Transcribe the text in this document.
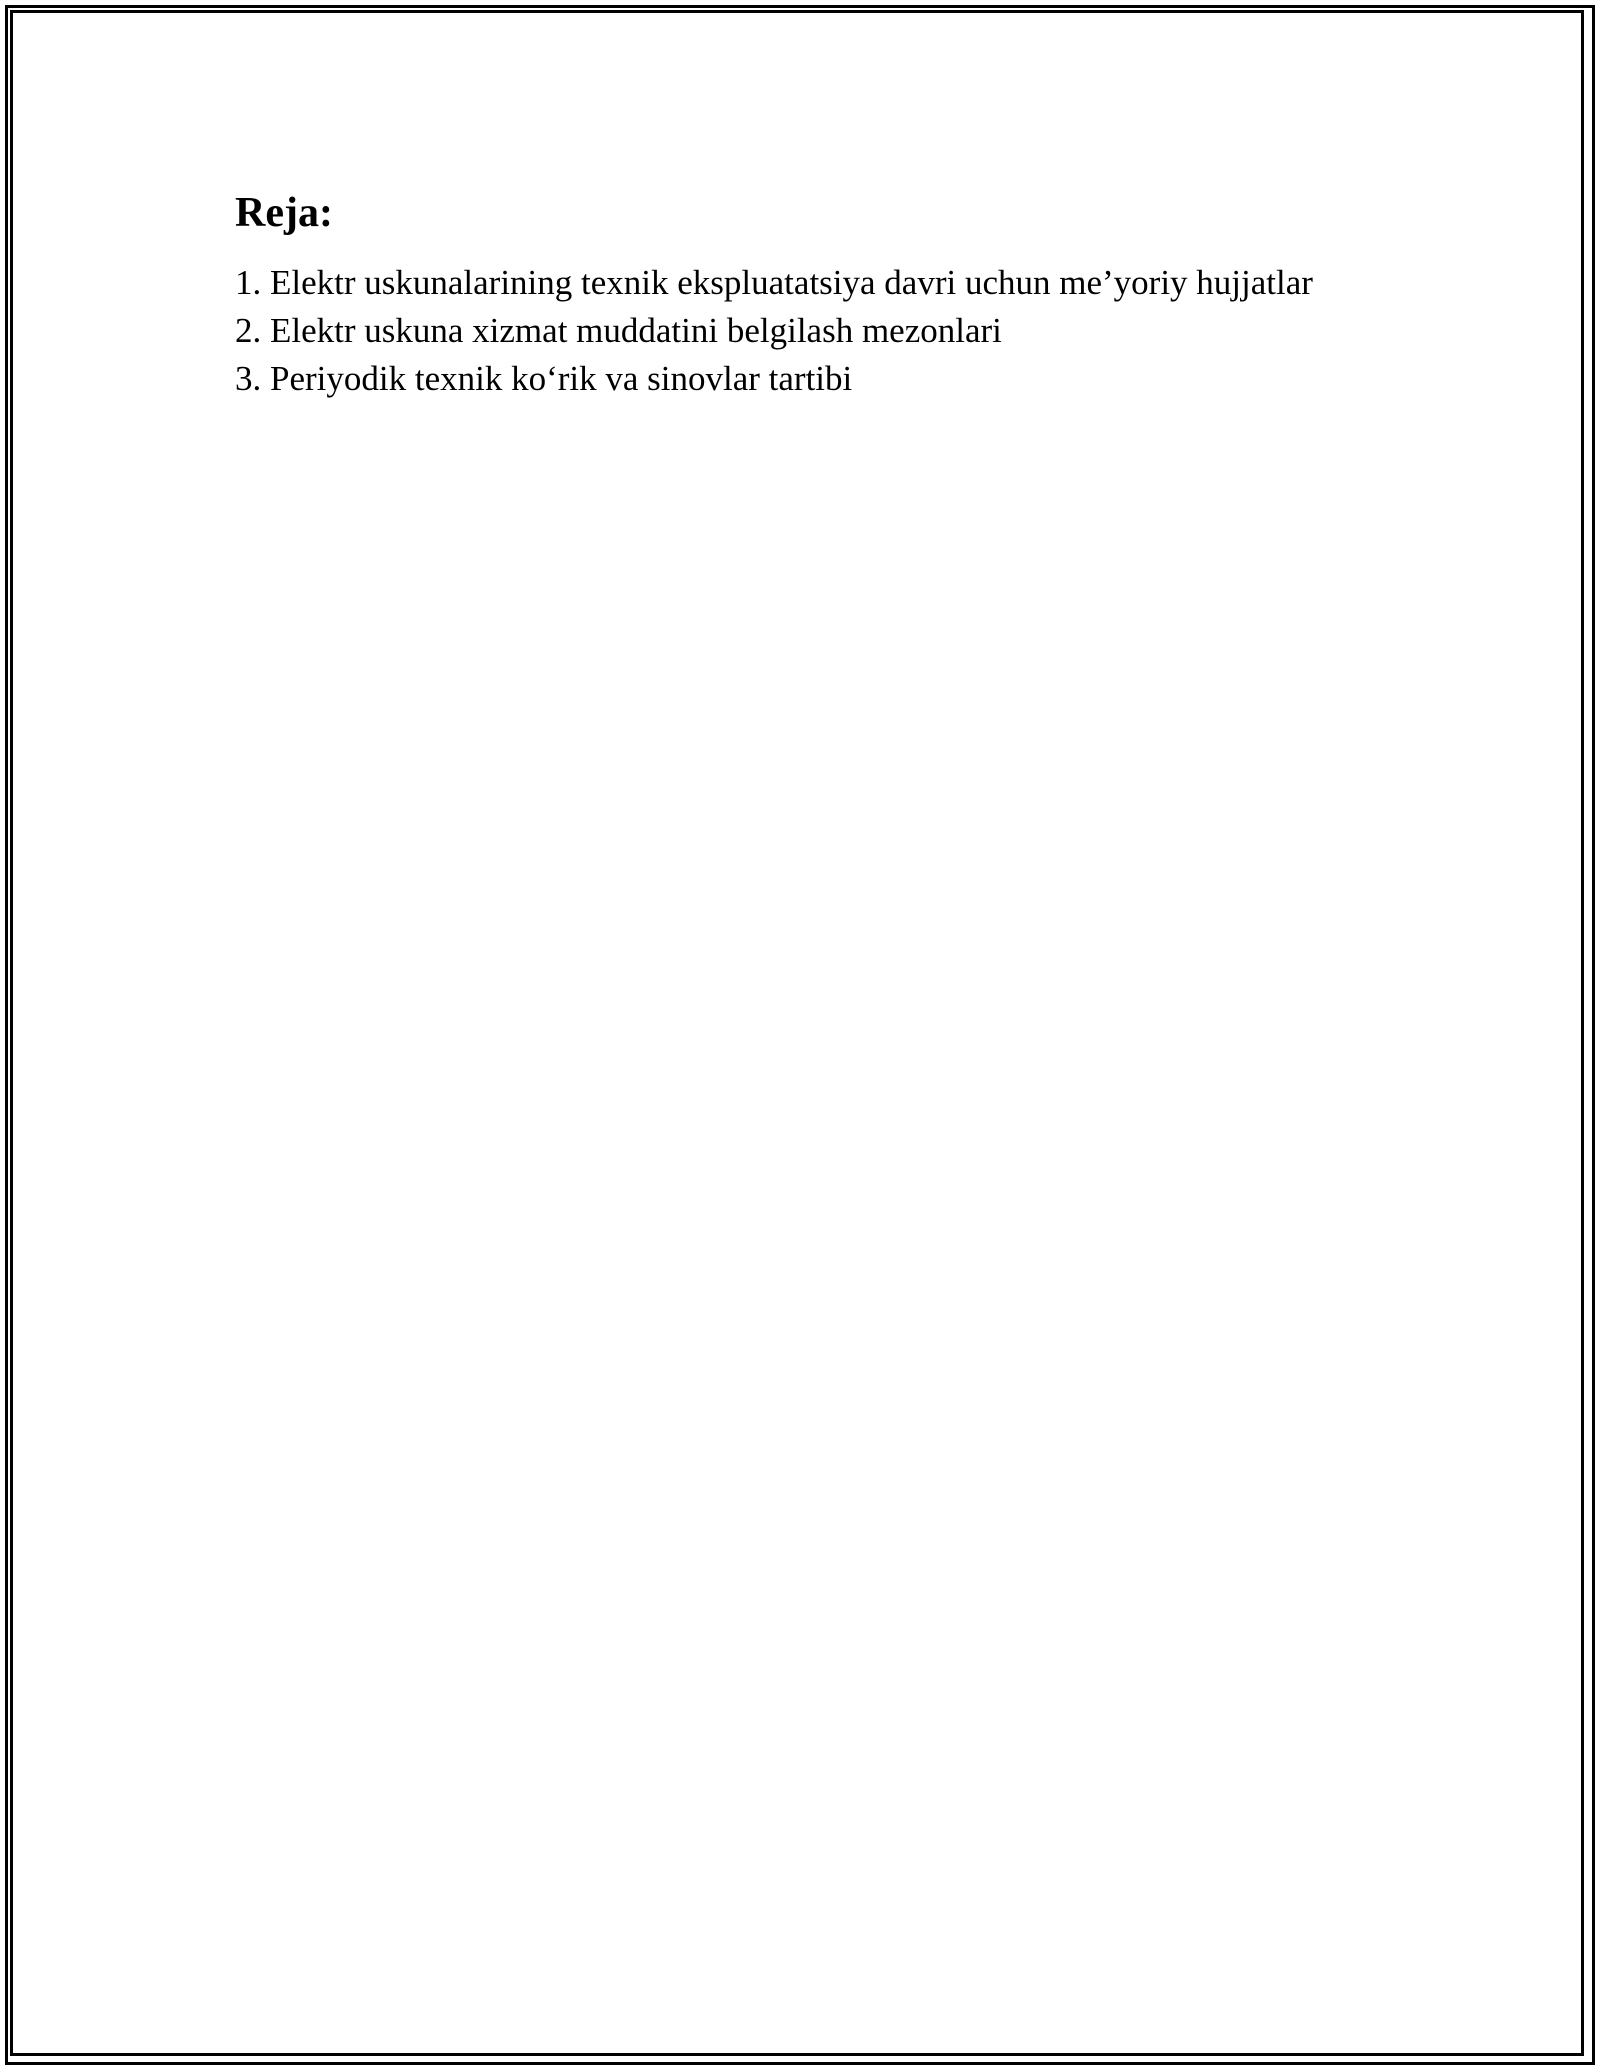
Reja:
1. Elektr uskunalarining texnik ekspluatatsiya davri uchun me’yoriy hujjatlar
2. Elektr uskuna xizmat muddatini belgilash mezonlari
3. Periyodik texnik ko‘rik va sinovlar tartibi
